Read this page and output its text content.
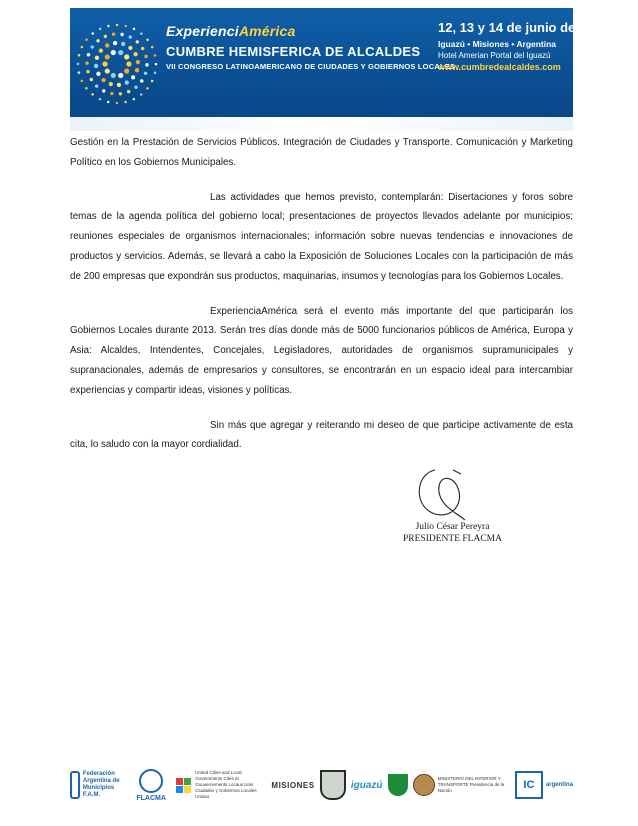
ExperienciAmérica
CUMBRE HEMISFERICA DE ALCALDES
VII CONGRESO LATINOAMERICANO DE CIUDADES Y GOBIERNOS LOCALES
12, 13 y 14 de junio de 2013
Iguazú • Misiones • Argentina
Hotel Amerian Portal del Iguazú
www.cumbredealcaldes.com

Gestión en la Prestación de Servicios Públicos. Integración de Ciudades y Transporte. Comunicación y Marketing Político en los Gobiernos Municipales.

Las actividades que hemos previsto, contemplarán: Disertaciones y foros sobre temas de la agenda política del gobierno local; presentaciones de proyectos llevados adelante por municipios; reuniones especiales de organismos internacionales; información sobre nuevas tendencias e innovaciones de productos y servicios. Además, se llevará a cabo la Exposición de Soluciones Locales con la participación de más de 200 empresas que expondrán sus productos, maquinarias, insumos y tecnologías para los Gobiernos Locales.

ExperienciaAmérica será el evento más importante del que participarán los Gobiernos Locales durante 2013. Serán tres días donde más de 5000 funcionarios públicos de América, Europa y Asia: Alcaldes, Intendentes, Concejales, Legisladores, autoridades de organismos supramunicipales y supranacionales, además de empresarios y consultores, se encontrarán en un espacio ideal para intercambiar experiencias y compartir ideas, visiones y políticas.

Sin más que agregar y reiterando mi deseo de que participe activamente de esta cita, lo saludo con la mayor cordialidad.

Julio César Pereyra
PRESIDENTE FLACMA
Federación Argentina de Municipios
F.A.M.	FLACMA
United Cities and Local Governments Cités et Gouvernements Locaux Unis Ciudades y Gobiernos Locales Unidos
MISIONES	iguazú
MINISTERIO DEL INTERIOR Y TRANSPORTE Presidencia de la Nación	IC	argentina
